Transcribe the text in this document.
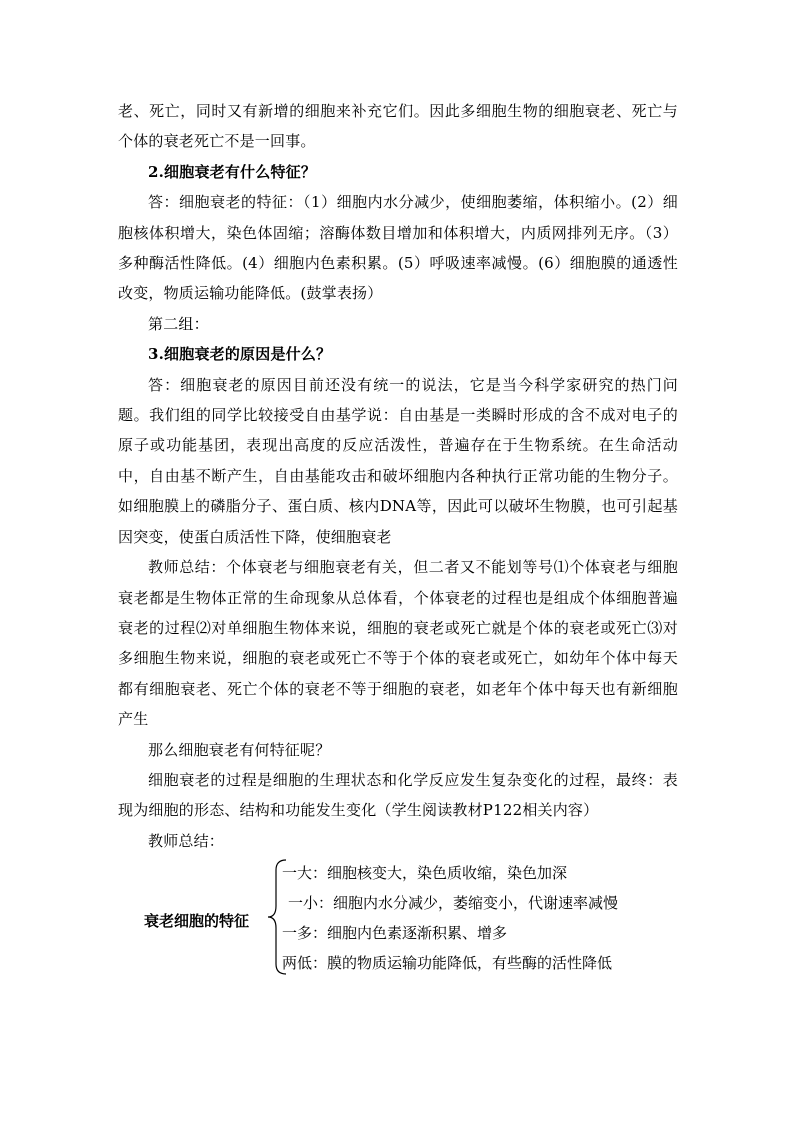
老、死亡，同时又有新增的细胞来补充它们。因此多细胞生物的细胞衰老、死亡与个体的衰老死亡不是一回事。

2.细胞衰老有什么特征？

答：细胞衰老的特征：（1）细胞内水分减少，使细胞萎缩，体积缩小。(2）细胞核体积增大，染色体固缩；溶酶体数目增加和体积增大，内质网排列无序。（3）多种酶活性降低。(4）细胞内色素积累。(5）呼吸速率减慢。(6）细胞膜的通透性改变，物质运输功能降低。(鼓掌表扬）

第二组：

3.细胞衰老的原因是什么？

答：细胞衰老的原因目前还没有统一的说法，它是当今科学家研究的热门问题。我们组的同学比较接受自由基学说：自由基是一类瞬时形成的含不成对电子的原子或功能基团，表现出高度的反应活泼性，普遍存在于生物系统。在生命活动中，自由基不断产生，自由基能攻击和破坏细胞内各种执行正常功能的生物分子。如细胞膜上的磷脂分子、蛋白质、核内DNA等，因此可以破坏生物膜，也可引起基因突变，使蛋白质活性下降，使细胞衰老

教师总结：个体衰老与细胞衰老有关，但二者又不能划等号⑴个体衰老与细胞衰老都是生物体正常的生命现象从总体看，个体衰老的过程也是组成个体细胞普遍衰老的过程⑵对单细胞生物体来说，细胞的衰老或死亡就是个体的衰老或死亡⑶对多细胞生物来说，细胞的衰老或死亡不等于个体的衰老或死亡，如幼年个体中每天都有细胞衰老、死亡个体的衰老不等于细胞的衰老，如老年个体中每天也有新细胞产生

那么细胞衰老有何特征呢？

细胞衰老的过程是细胞的生理状态和化学反应发生复杂变化的过程，最终：表现为细胞的形态、结构和功能发生变化（学生阅读教材P122相关内容）

教师总结：

衰老细胞的特征
一大：细胞核变大，染色质收缩，染色加深
一小：细胞内水分减少，萎缩变小，代谢速率减慢
一多：细胞内色素逐渐积累、增多
两低：膜的物质运输功能降低，有些酶的活性降低
